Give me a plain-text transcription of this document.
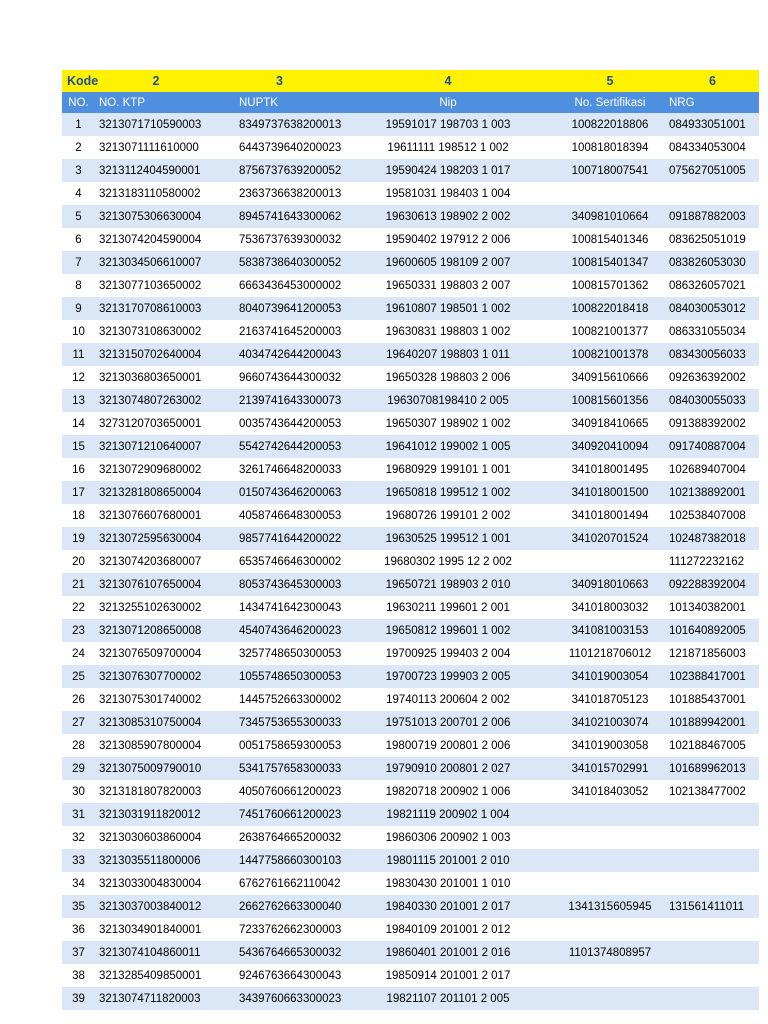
Kode	2	3	4	5	6
NO.	NO. KTP	NUPTK	Nip	No. Sertifikasi	NRG
1	3213071710590003	8349737638200013	19591017 198703 1 003	100822018806	084933051001
2	3213071111610000	6443739640200023	19611111 198512 1 002	100818018394	084334053004
3	3213112404590001	8756737639200052	19590424 198203 1 017	100718007541	075627051005
4	3213183110580002	2363736638200013	19581031 198403 1 004		
5	3213075306630004	8945741643300062	19630613 198902 2 002	340981010664	091887882003
6	3213074204590004	7536737639300032	19590402 197912 2 006	100815401346	083625051019
7	3213034506610007	5838738640300052	19600605 198109 2 007	100815401347	083826053030
8	3213077103650002	6663436453000002	19650331 198803 2 007	100815701362	086326057021
9	3213170708610003	8040739641200053	19610807 198501 1 002	100822018418	084030053012
10	3213073108630002	2163741645200003	19630831 198803 1 002	100821001377	086331055034
11	3213150702640004	4034742644200043	19640207 198803 1 011	100821001378	083430056033
12	3213036803650001	9660743644300032	19650328 198803 2 006	340915610666	092636392002
13	3213074807263002	2139741643300073	19630708198410 2 005	100815601356	084030055033
14	3273120703650001	0035743644200053	19650307 198902 1 002	340918410665	091388392002
15	3213071210640007	5542742644200053	19641012 199002 1 005	340920410094	091740887004
16	3213072909680002	3261746648200033	19680929 199101 1 001	341018001495	102689407004
17	3213281808650004	0150743646200063	19650818 199512 1 002	341018001500	102138892001
18	3213076607680001	4058746648300053	19680726 199101 2 002	341018001494	102538407008
19	3213072595630004	9857741644200022	19630525 199512 1 001	341020701524	102487382018
20	3213074203680007	6535746646300002	19680302 1995 12 2 002		111272232162
21	3213076107650004	8053743645300003	19650721 198903 2 010	340918010663	092288392004
22	3213255102630002	1434741642300043	19630211 199601 2 001	341018003032	101340382001
23	3213071208650008	4540743646200023	19650812 199601 1 002	341081003153	101640892005
24	3213076509700004	3257748650300053	19700925 199403 2 004	1101218706012	121871856003
25	3213076307700002	1055748650300053	19700723 199903 2 005	341019003054	102388417001
26	3213075301740002	1445752663300002	19740113 200604 2 002	341018705123	101885437001
27	3213085310750004	7345753655300033	19751013 200701 2 006	341021003074	101889942001
28	3213085907800004	0051758659300053	19800719 200801 2 006	341019003058	102188467005
29	3213075009790010	5341757658300033	19790910 200801 2 027	341015702991	101689962013
30	3213181807820003	4050760661200023	19820718 200902 1 006	341018403052	102138477002
31	3213031911820012	7451760661200023	19821119 200902 1 004		
32	3213030603860004	2638764665200032	19860306 200902 1 003		
33	3213035511800006	1447758660300103	19801115 201001 2 010		
34	3213033004830004	6762761662110042	19830430 201001 1 010		
35	3213037003840012	2662762663300040	19840330 201001 2 017	1341315605945	131561411011
36	3213034901840001	7233762662300003	19840109 201001 2 012		
37	3213074104860011	5436764665300032	19860401 201001 2 016	1101374808957	
38	3213285409850001	9246763664300043	19850914 201001 2 017		
39	3213074711820003	3439760663300023	19821107 201101 2 005		
